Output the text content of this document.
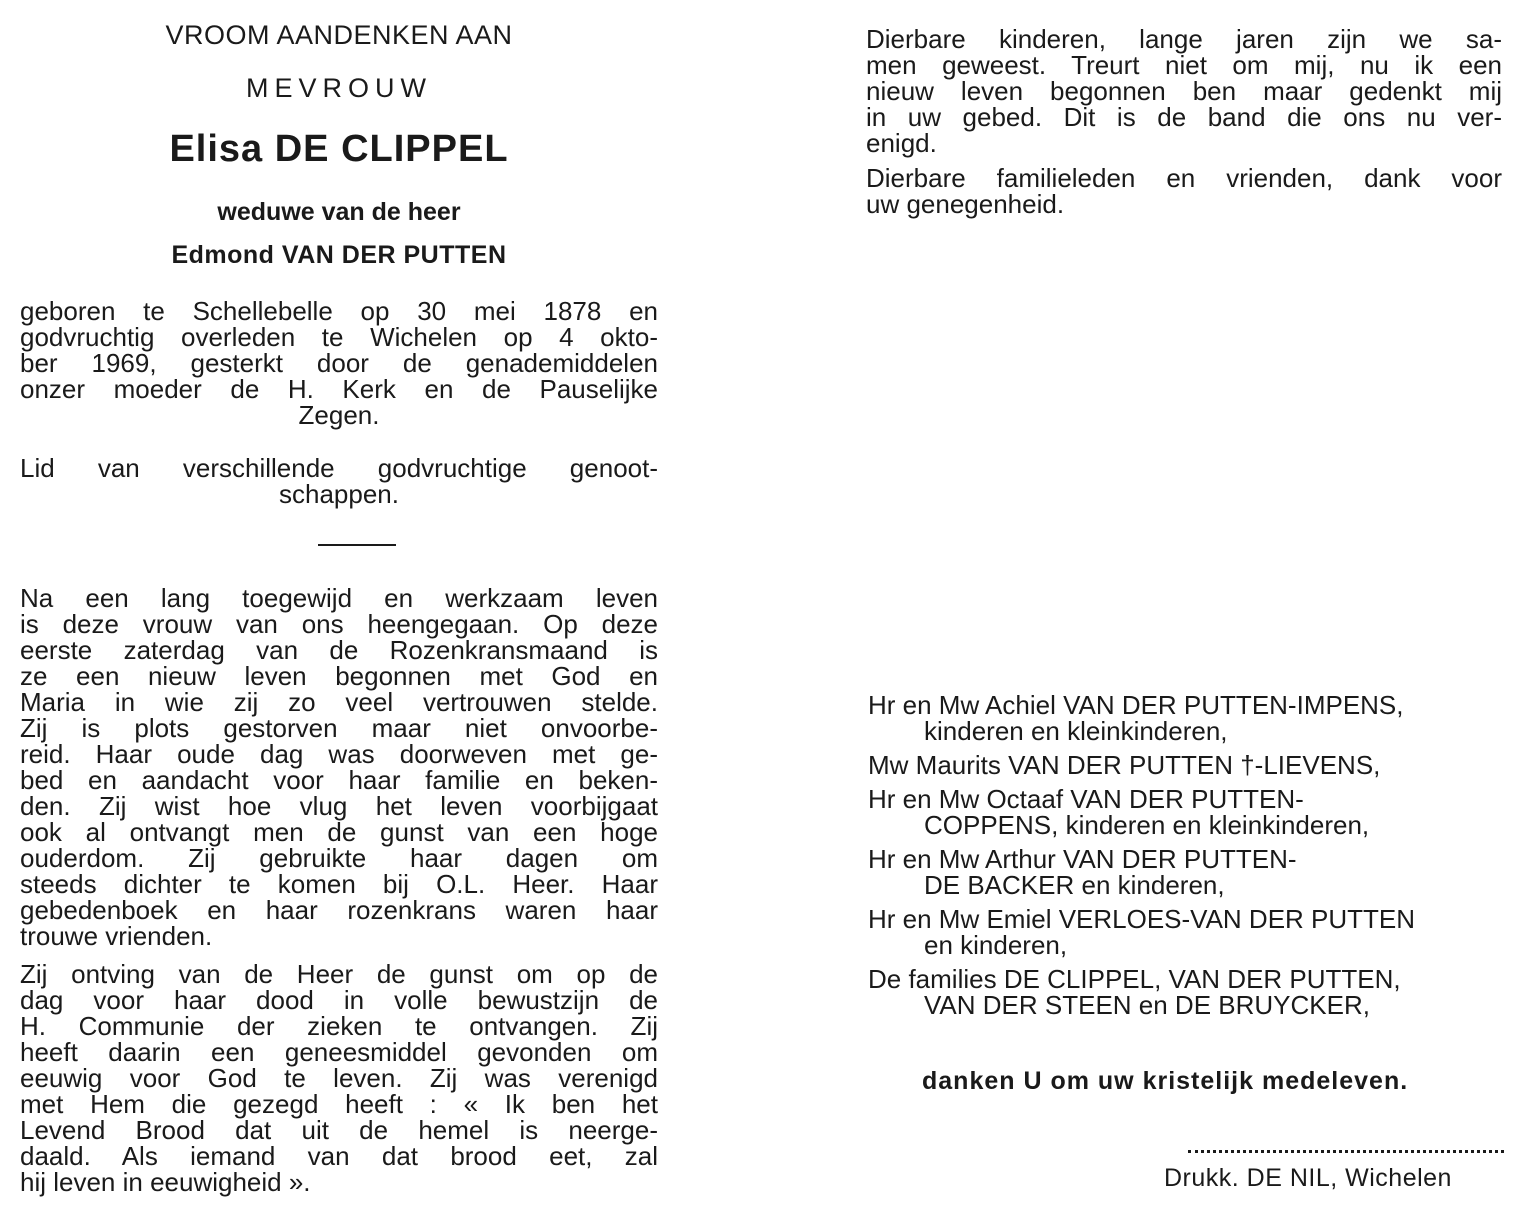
VROOM AANDENKEN AAN
MEVROUW
Elisa DE CLIPPEL
weduwe van de heer
Edmond VAN DER PUTTEN
geboren te Schellebelle op 30 mei 1878 en
godvruchtig overleden te Wichelen op 4 okto-
ber 1969, gesterkt door de genademiddelen
onzer moeder de H. Kerk en de Pauselijke
Zegen.
Lid van verschillende godvruchtige genoot-
schappen.
Na een lang toegewijd en werkzaam leven
is deze vrouw van ons heengegaan. Op deze
eerste zaterdag van de Rozenkransmaand is
ze een nieuw leven begonnen met God en
Maria in wie zij zo veel vertrouwen stelde.
Zij is plots gestorven maar niet onvoorbe-
reid. Haar oude dag was doorweven met ge-
bed en aandacht voor haar familie en beken-
den. Zij wist hoe vlug het leven voorbijgaat
ook al ontvangt men de gunst van een hoge
ouderdom. Zij gebruikte haar dagen om
steeds dichter te komen bij O.L. Heer. Haar
gebedenboek en haar rozenkrans waren haar
trouwe vrienden.
Zij ontving van de Heer de gunst om op de
dag voor haar dood in volle bewustzijn de
H. Communie der zieken te ontvangen. Zij
heeft daarin een geneesmiddel gevonden om
eeuwig voor God te leven. Zij was verenigd
met Hem die gezegd heeft : « Ik ben het
Levend Brood dat uit de hemel is neergе-
daald. Als iemand van dat brood eet, zal
hij leven in eeuwigheid ».
Dierbare kinderen, lange jaren zijn we sa-
men geweest. Treurt niet om mij, nu ik een
nieuw leven begonnen ben maar gedenkt mij
in uw gebed. Dit is de band die ons nu ver-
enigd.
Dierbare familieleden en vrienden, dank voor
uw genegenheid.
Hr en Mw Achiel VAN DER PUTTEN-IMPENS,
kinderen en kleinkinderen,
Mw Maurits VAN DER PUTTEN †-LIEVENS,
Hr en Mw Octaaf VAN DER PUTTEN-
COPPENS, kinderen en kleinkinderen,
Hr en Mw Arthur VAN DER PUTTEN-
DE BACKER en kinderen,
Hr en Mw Emiel VERLOES-VAN DER PUTTEN
en kinderen,
De families DE CLIPPEL, VAN DER PUTTEN,
VAN DER STEEN en DE BRUYCKER,
danken U om uw kristelijk medeleven.
Drukk. DE NIL, Wichelen
